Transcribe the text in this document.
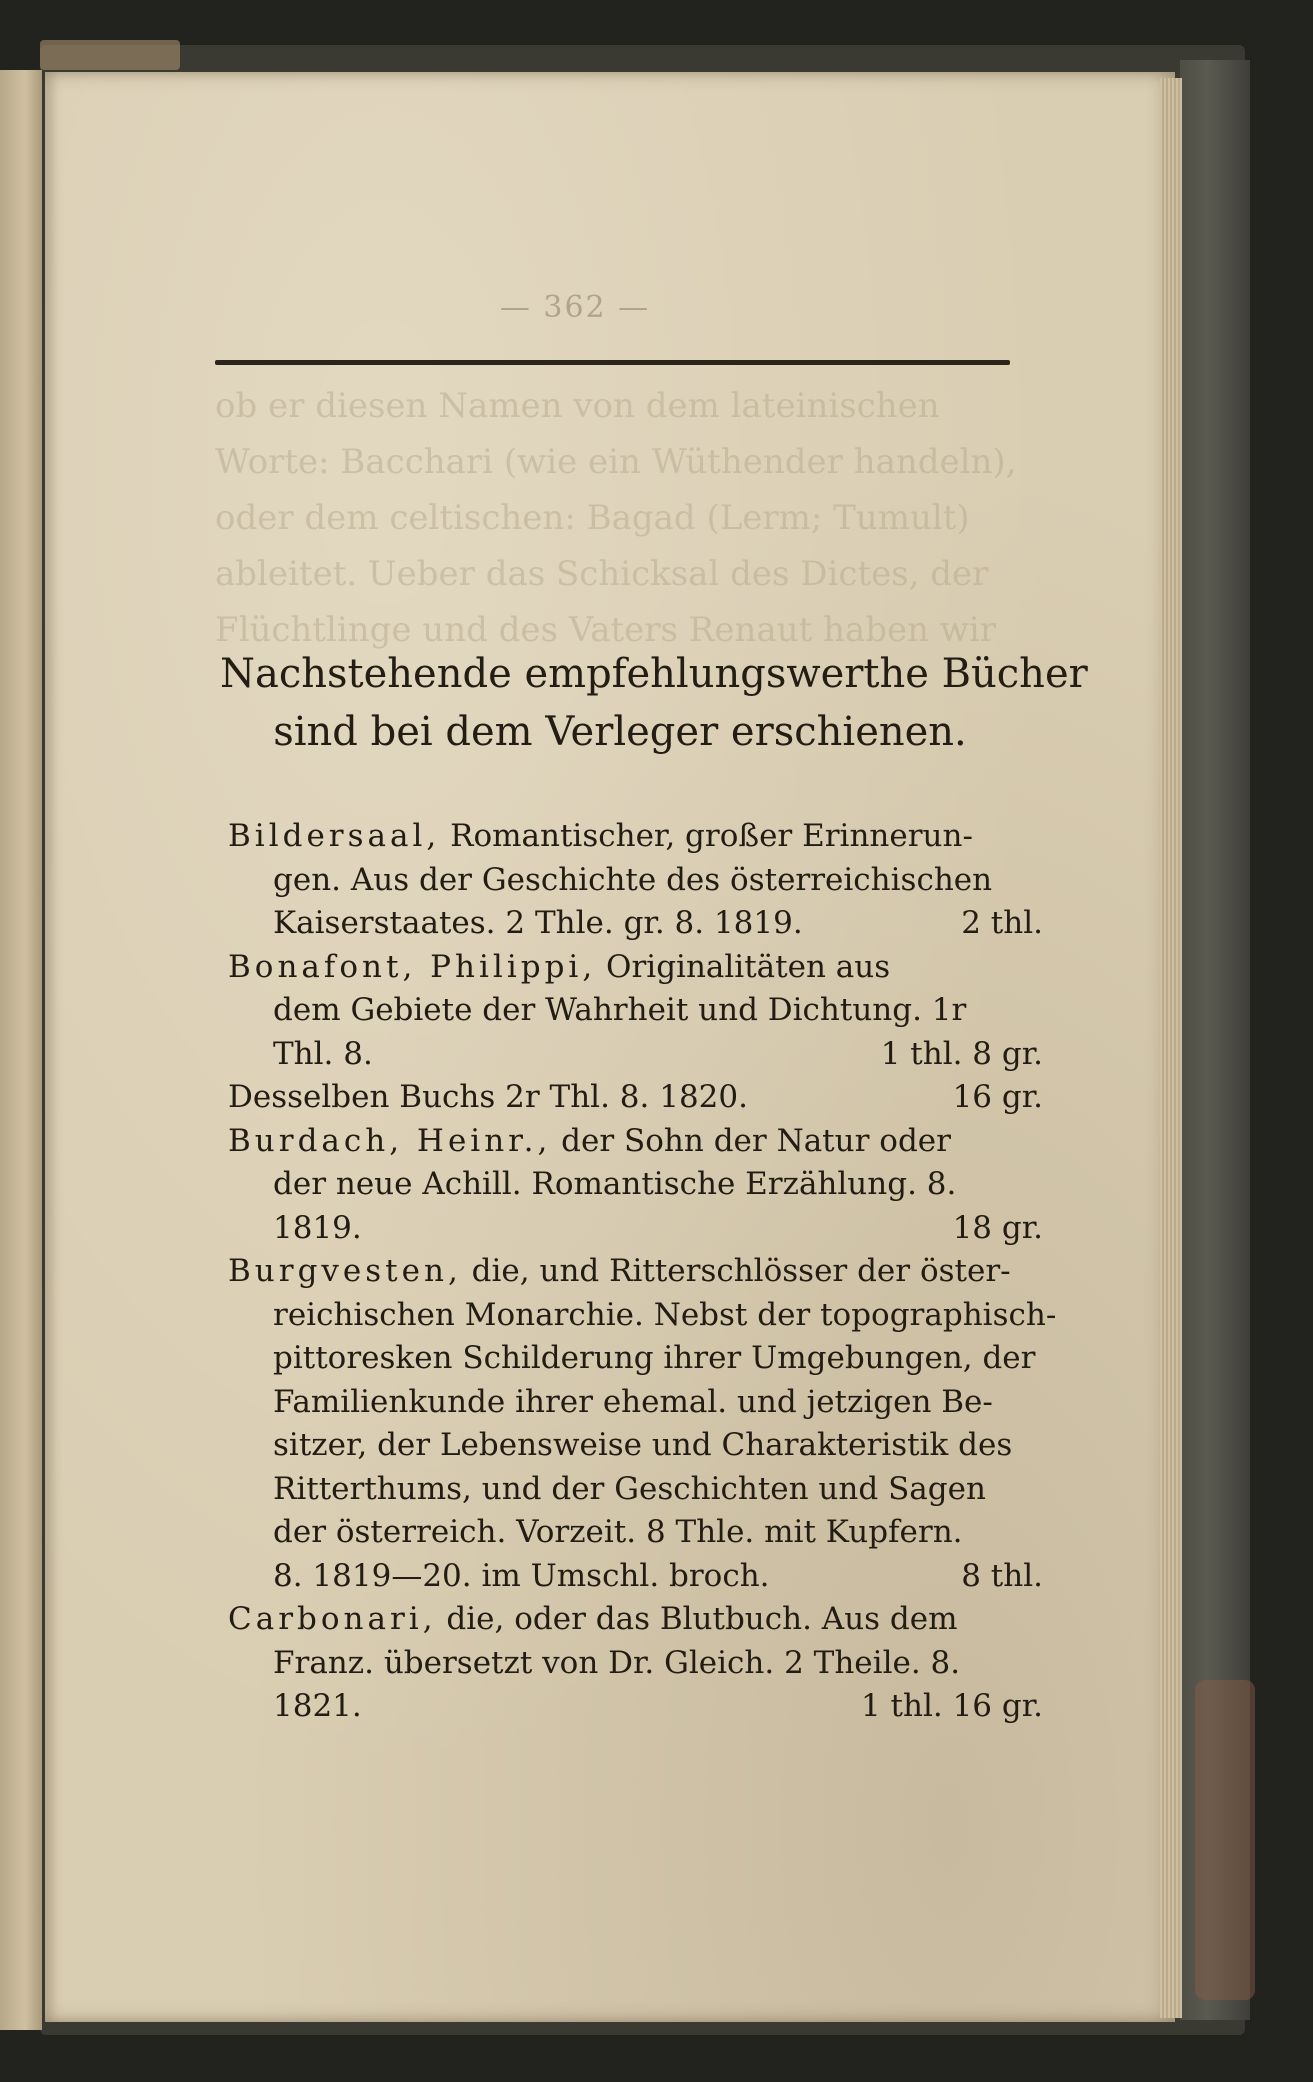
— 362 —
ob er diesen Namen von dem lateinischen
Worte: Bacchari (wie ein Wüthender handeln),
oder dem celtischen: Bagad (Lerm; Tumult)
ableitet. Ueber das Schicksal des Dictes, der
Flüchtlinge und des Vaters Renaut haben wir
Nachstehende empfehlungswerthe Bücher
sind bei dem Verleger erschienen.
Bildersaal, Romantischer, großer Erinnerun-
gen. Aus der Geschichte des österreichischen
Kaiserstaates. 2 Thle. gr. 8. 1819.	2 thl.
Bonafont, Philippi, Originalitäten aus
dem Gebiete der Wahrheit und Dichtung. 1r
Thl. 8.	1 thl. 8 gr.
Desselben Buchs 2r Thl. 8. 1820.	16 gr.
Burdach, Heinr., der Sohn der Natur oder
der neue Achill. Romantische Erzählung. 8.
1819.	18 gr.
Burgvesten, die, und Ritterschlösser der öster-
reichischen Monarchie. Nebst der topographisch-
pittoresken Schilderung ihrer Umgebungen, der
Familienkunde ihrer ehemal. und jetzigen Be-
sitzer, der Lebensweise und Charakteristik des
Ritterthums, und der Geschichten und Sagen
der österreich. Vorzeit. 8 Thle. mit Kupfern.
8. 1819—20. im Umschl. broch.	8 thl.
Carbonari, die, oder das Blutbuch. Aus dem
Franz. übersetzt von Dr. Gleich. 2 Theile. 8.
1821.	1 thl. 16 gr.
